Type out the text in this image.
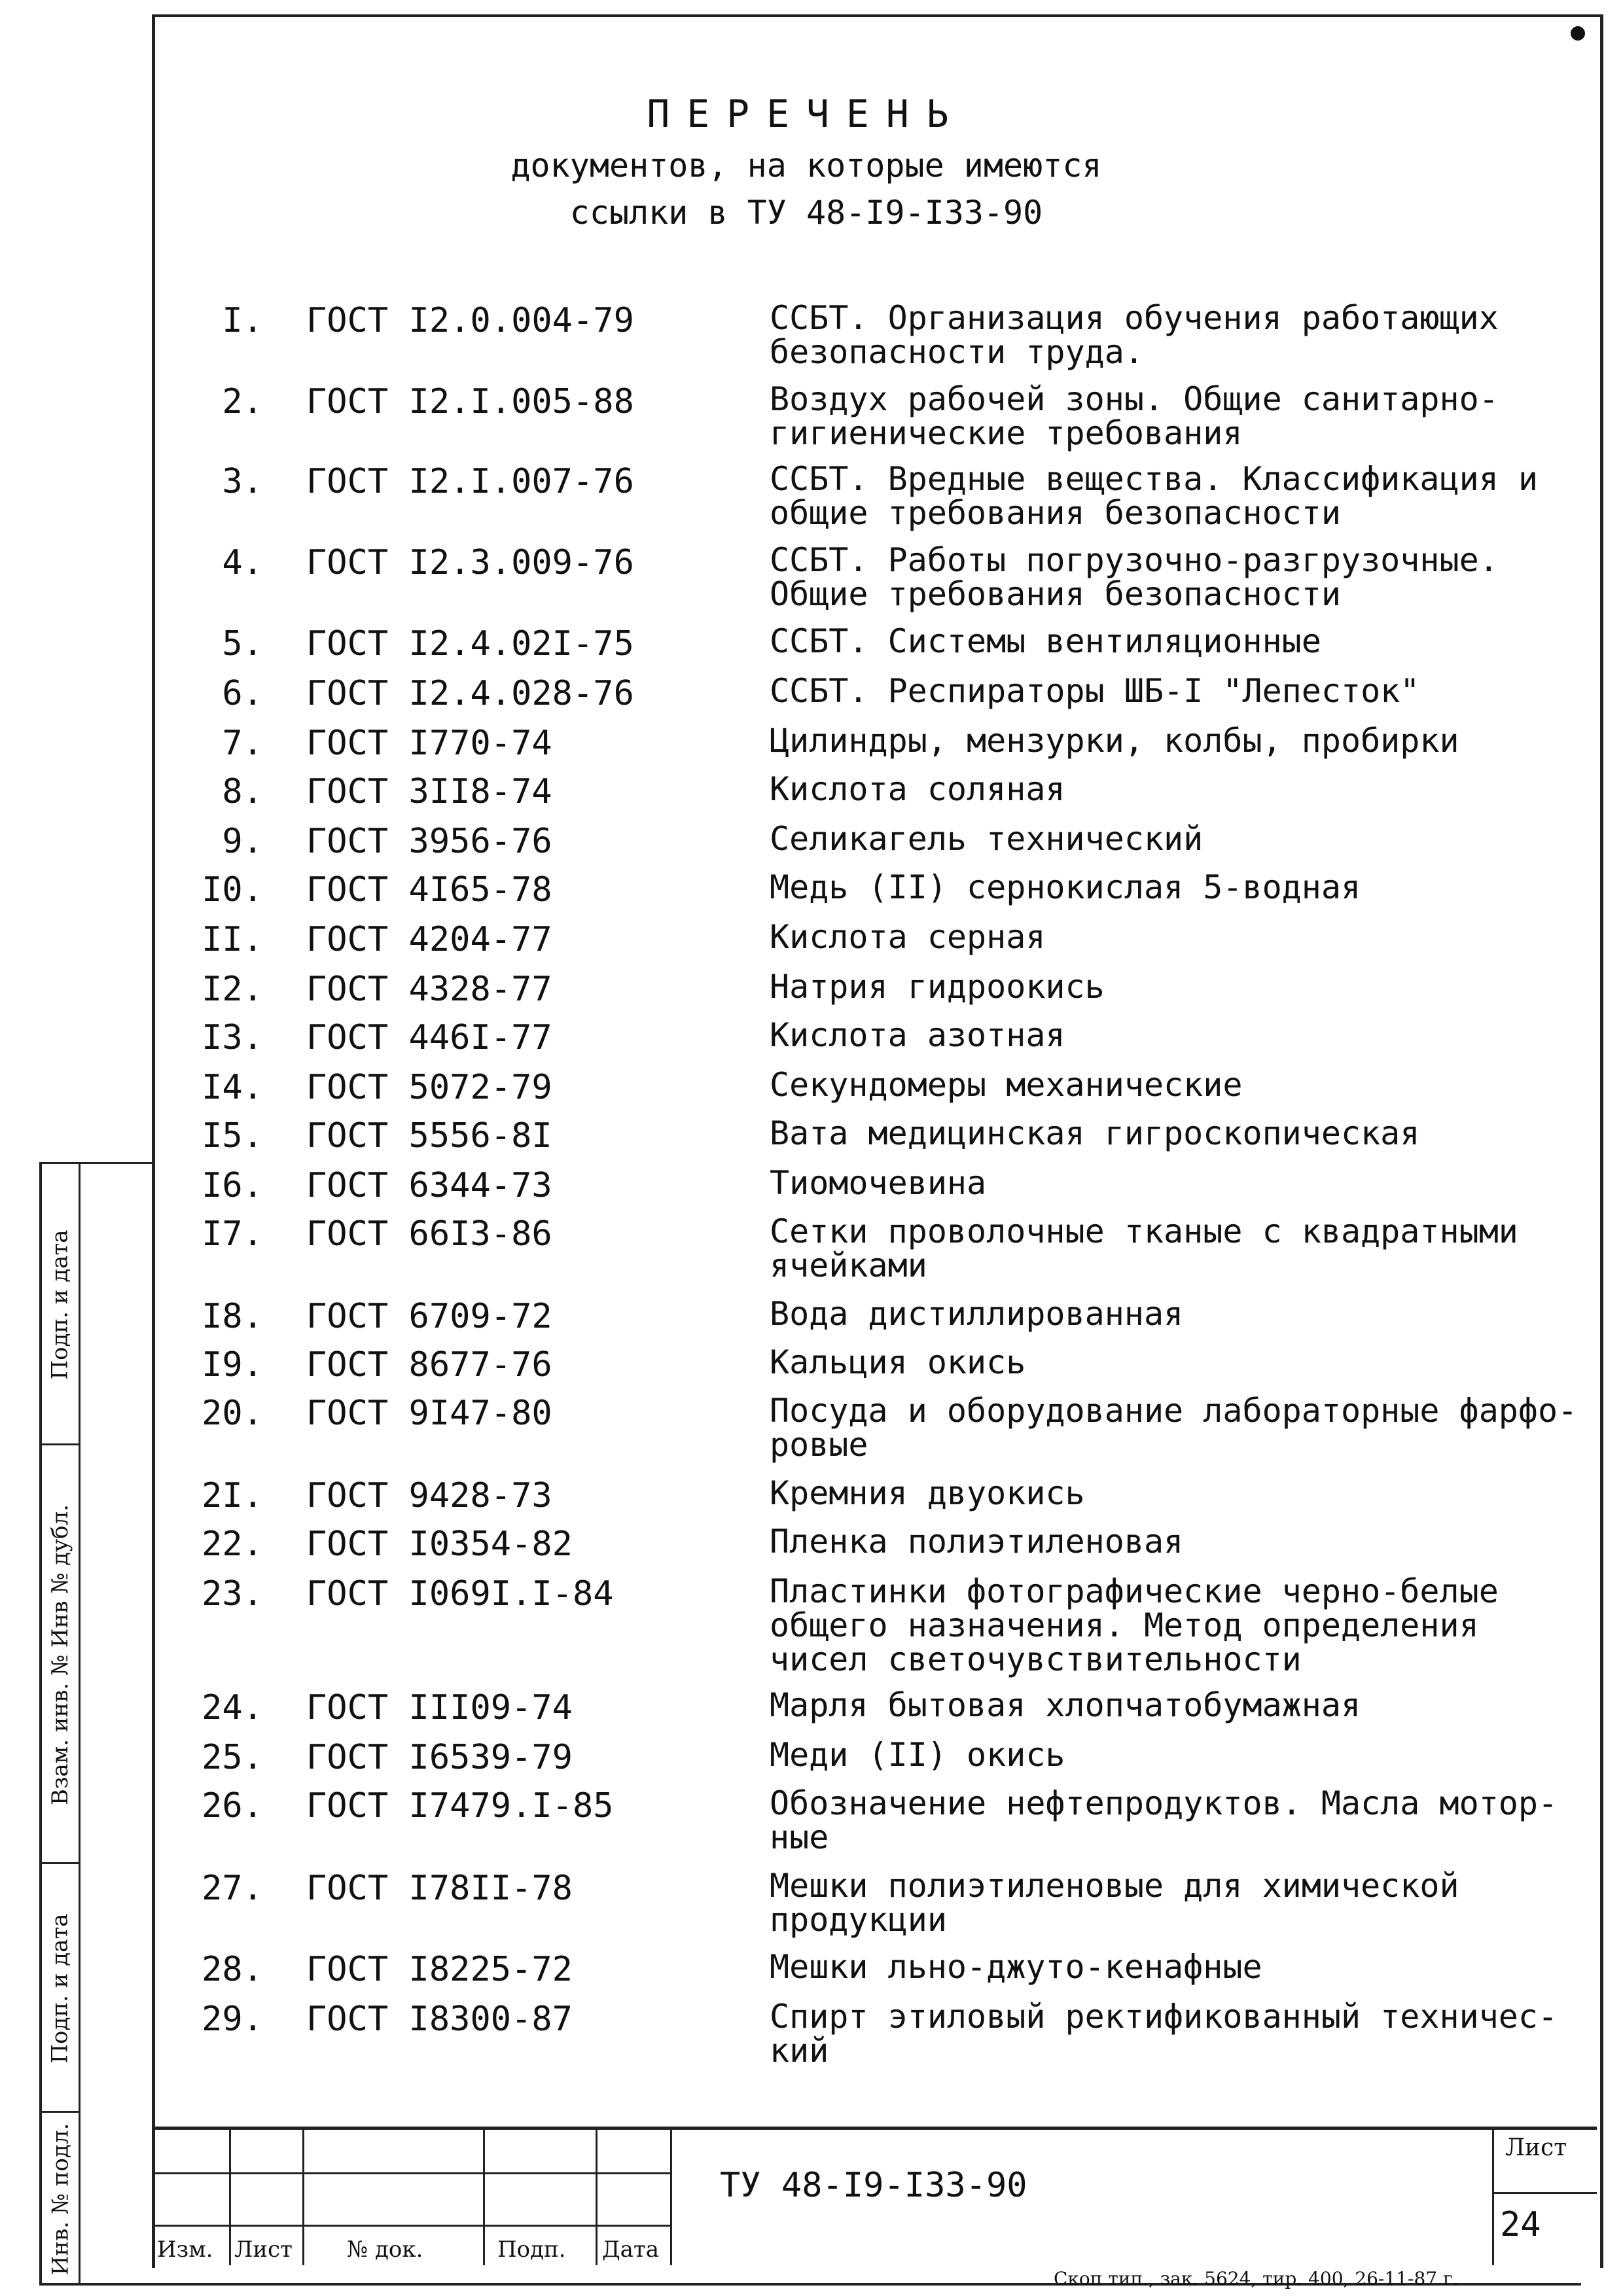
ПЕРЕЧЕНЬ
документов, на которые имеются
ссылки в ТУ 48-I9-I33-90
I. ГОСТ I2.0.004-79	ССБТ. Организация обучения работающих
безопасности труда.
2. ГОСТ I2.I.005-88	Воздух рабочей зоны. Общие санитарно-
гигиенические требования
3. ГОСТ I2.I.007-76	ССБТ. Вредные вещества. Классификация и
общие требования безопасности
4. ГОСТ I2.3.009-76	ССБТ. Работы погрузочно-разгрузочные.
Общие требования безопасности
5. ГОСТ I2.4.02I-75	ССБТ. Системы вентиляционные
6. ГОСТ I2.4.028-76	ССБТ. Респираторы ШБ-I "Лепесток"
7. ГОСТ I770-74	Цилиндры, мензурки, колбы, пробирки
8. ГОСТ 3II8-74	Кислота соляная
9. ГОСТ 3956-76	Селикагель технический
I0. ГОСТ 4I65-78	Медь (II) сернокислая 5-водная
II. ГОСТ 4204-77	Кислота серная
I2. ГОСТ 4328-77	Натрия гидроокись
I3. ГОСТ 446I-77	Кислота азотная
I4. ГОСТ 5072-79	Секундомеры механические
I5. ГОСТ 5556-8I	Вата медицинская гигроскопическая
I6. ГОСТ 6344-73	Тиомочевина
I7. ГОСТ 66I3-86	Сетки проволочные тканые с квадратными
ячейками
I8. ГОСТ 6709-72	Вода дистиллированная
I9. ГОСТ 8677-76	Кальция окись
20. ГОСТ 9I47-80	Посуда и оборудование лабораторные фарфо-
ровые
2I. ГОСТ 9428-73	Кремния двуокись
22. ГОСТ I0354-82	Пленка полиэтиленовая
23. ГОСТ I069I.I-84	Пластинки фотографические черно-белые
общего назначения. Метод определения
чисел светочувствительности
24. ГОСТ III09-74	Марля бытовая хлопчатобумажная
25. ГОСТ I6539-79	Меди (II) окись
26. ГОСТ I7479.I-85	Обозначение нефтепродуктов. Масла мотор-
ные
27. ГОСТ I78II-78	Мешки полиэтиленовые для химической
продукции
28. ГОСТ I8225-72	Мешки льно-джуто-кенафные
29. ГОСТ I8300-87	Спирт этиловый ректификованный техничес-
кий
Подп. и дата
Взам. инв. № Инв № дубл.
Подп. и дата
Инв. № подл.	Изм. Лист № док.	Подп. Дата
ТУ 48-I9-I33-90
Лист
24
Скоп тип., зак. 5624, тир. 400, 26-11-87 г.
